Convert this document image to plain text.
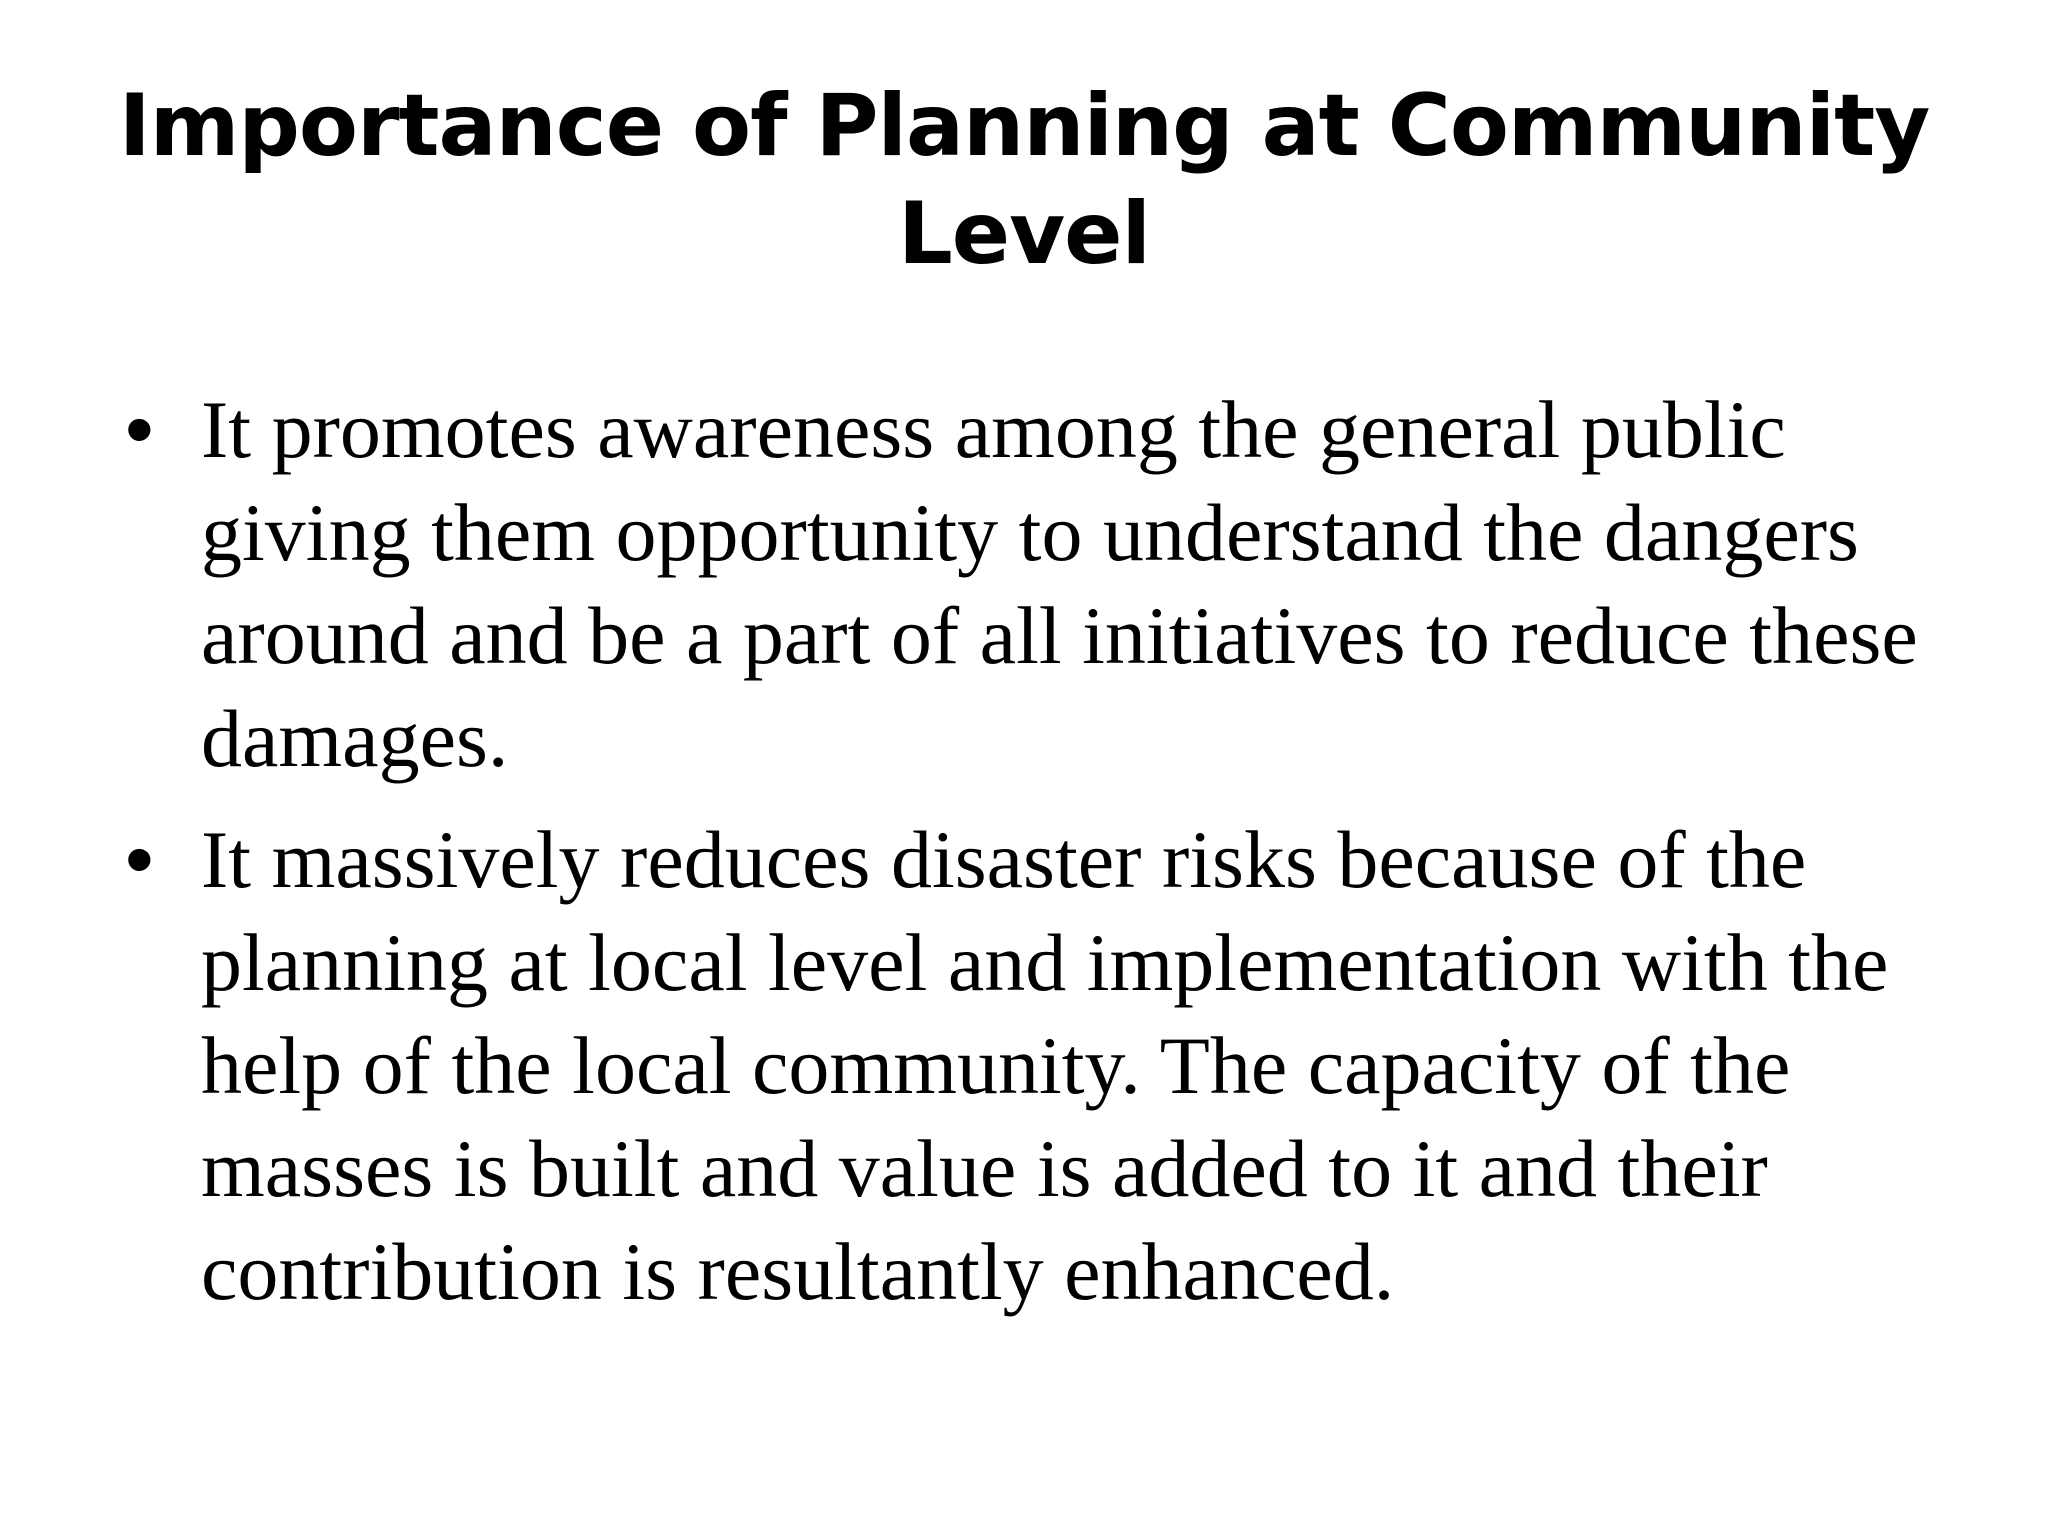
Importance of Planning at Community Level
• It promotes awareness among the general public giving them opportunity to understand the dangers around and be a part of all initiatives to reduce these damages.
• It massively reduces disaster risks because of the planning at local level and implementation with the help of the local community. The capacity of the masses is built and value is added to it and their contribution is resultantly enhanced.
